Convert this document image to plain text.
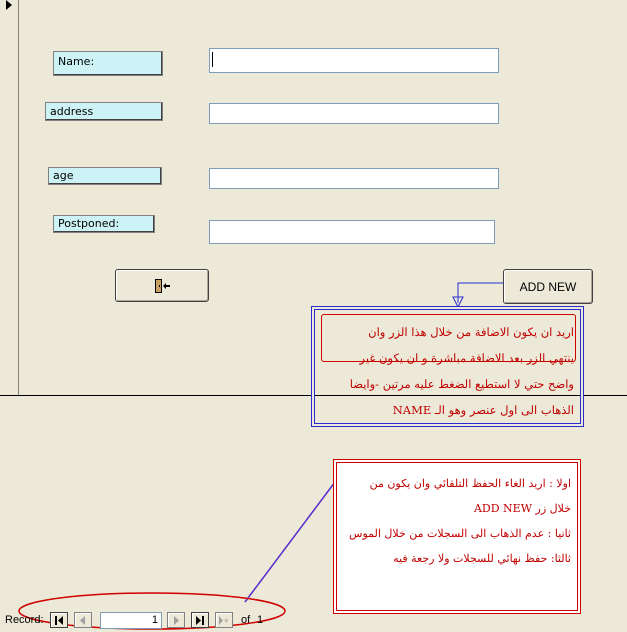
Name:
address
age
Postponed:
ADD NEW
اريد ان يكون الاضافة من خلال هذا الزر وان
ينتهي الزر بعد الاضافة مباشرة و ان يكون غير
واضح حتي لا استطيع الضغط عليه مرتين -وايضا
الذهاب الى اول عنصر وهو الـ NAME
اولا : اريد الغاء الحفظ التلقائي وان يكون من
خلال زر ADD NEW
ثانيا : عدم الذهاب الى السجلات من خلال الموس
ثالثا: حفظ نهائي للسجلات ولا رجعة فيه
Record:	1	* of 1
